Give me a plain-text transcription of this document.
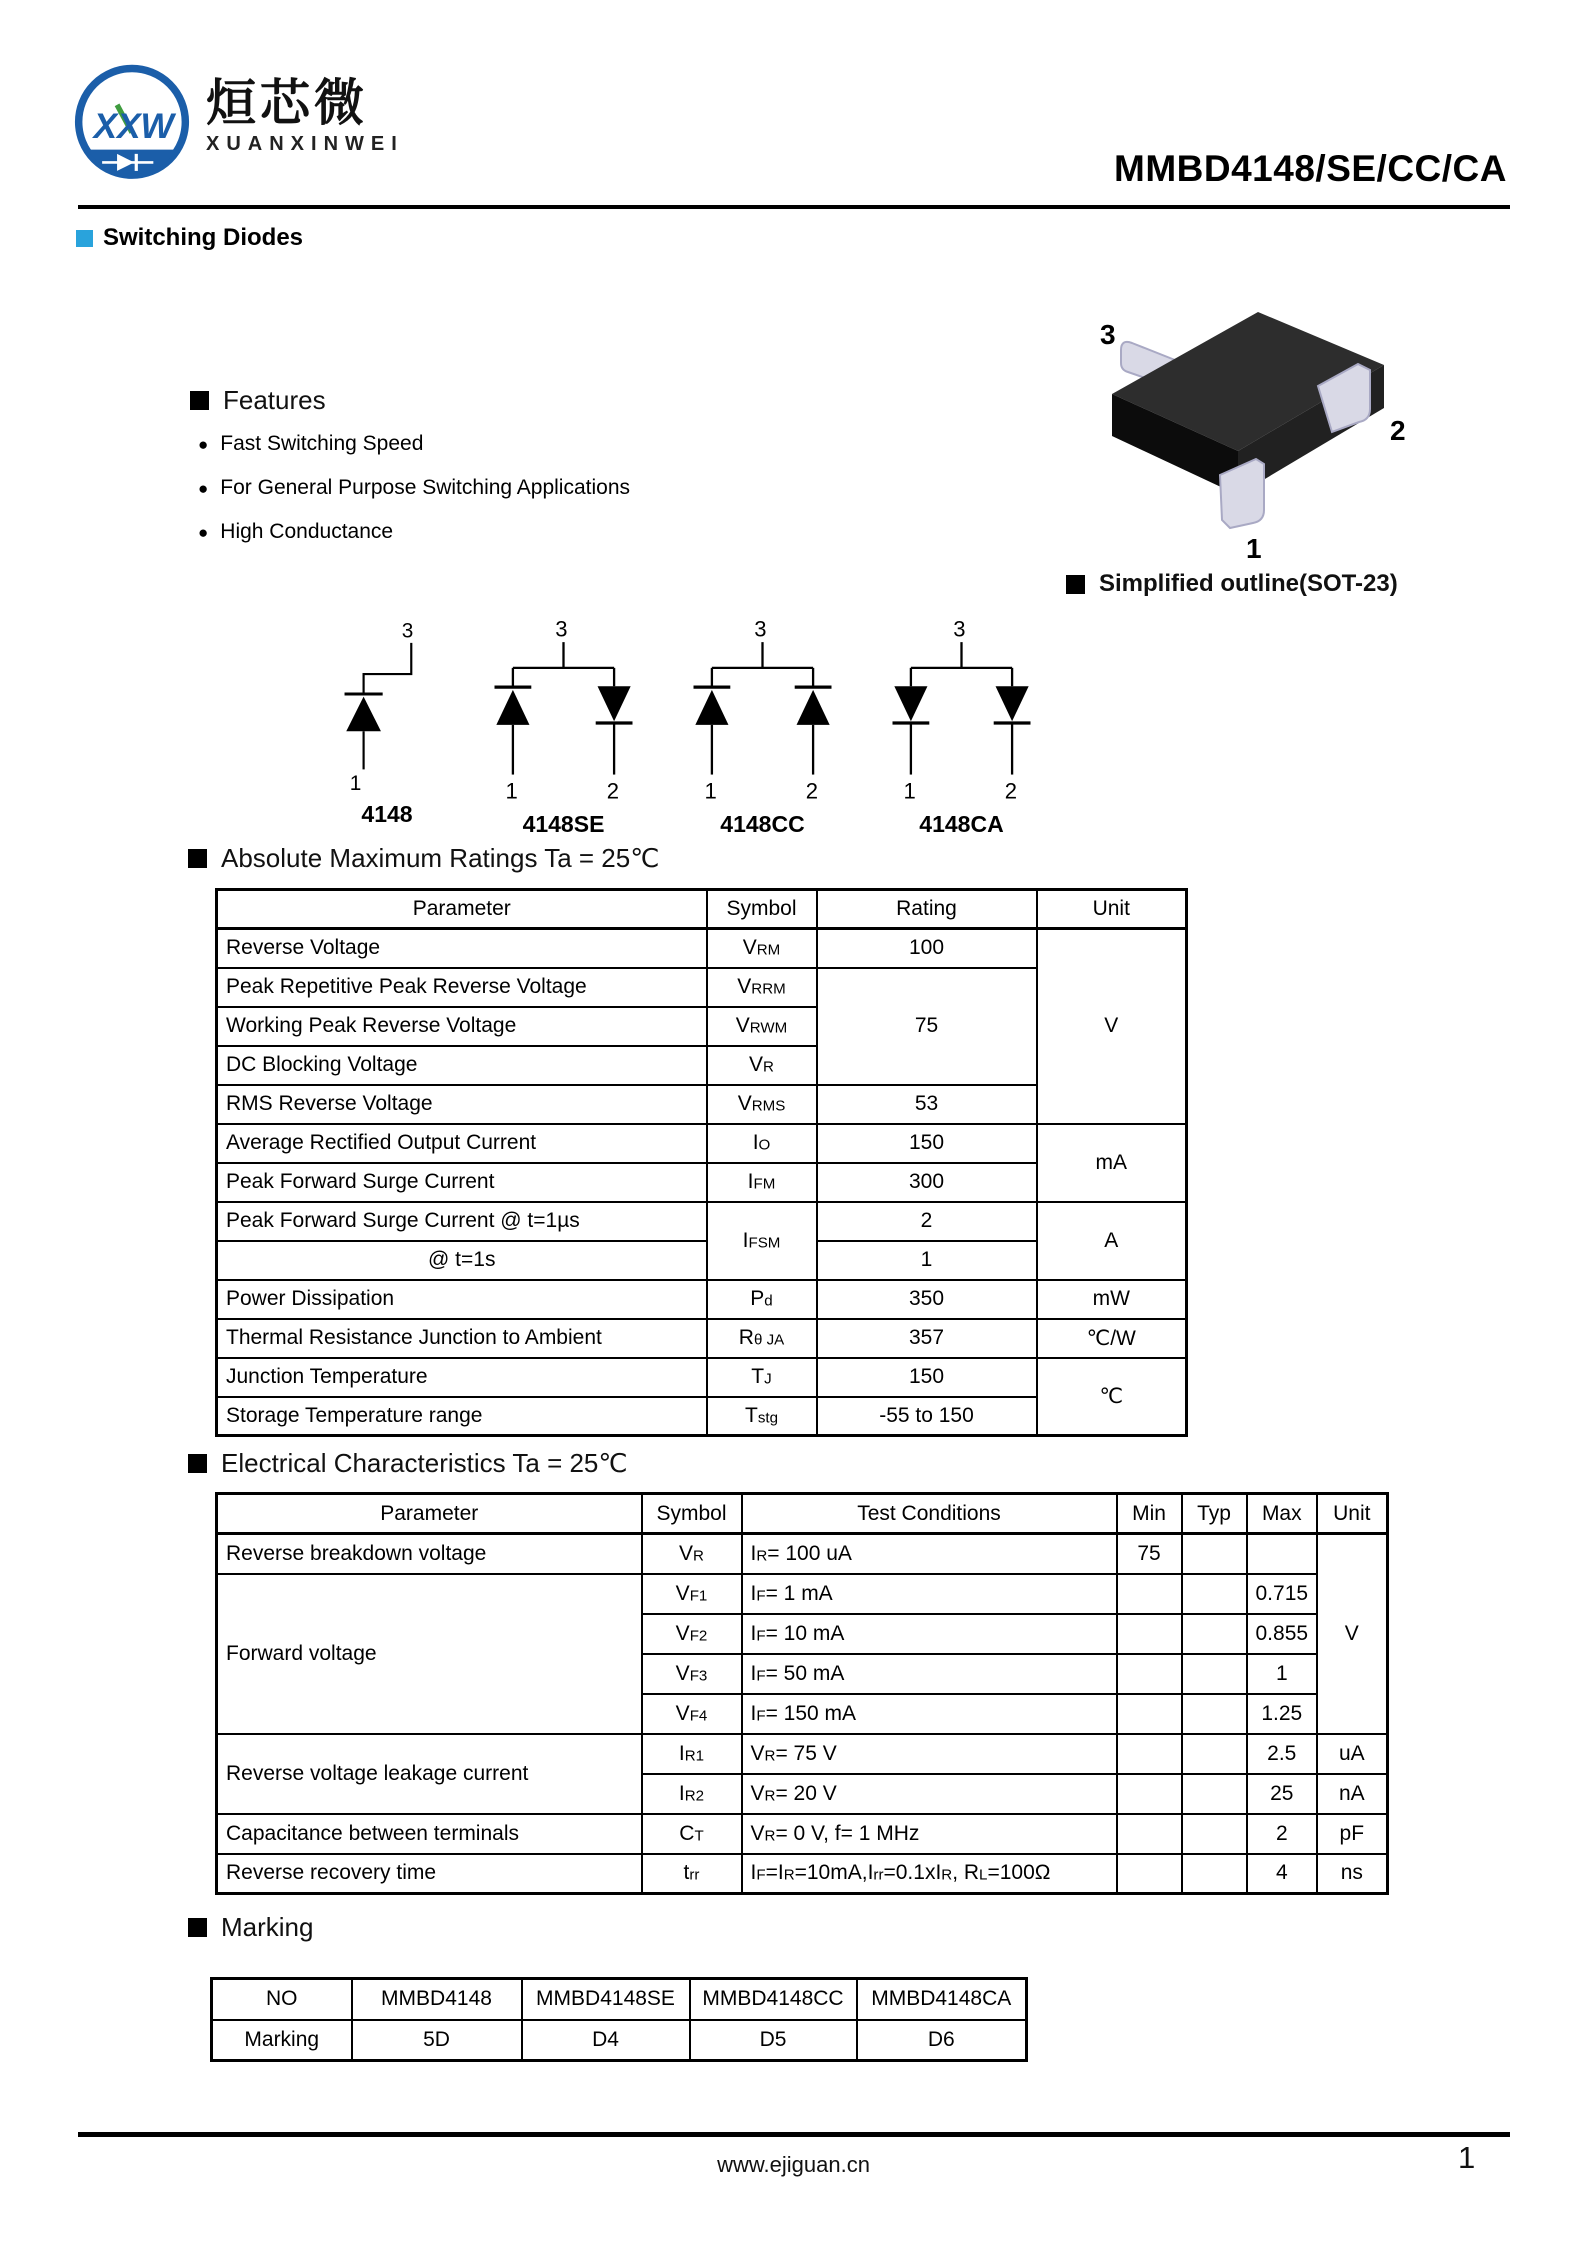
XXW 烜芯微
XUANXINWEI
MMBD4148/SE/CC/CA
Switching Diodes
Features
● Fast Switching Speed
● For General Purpose Switching Applications
● High Conductance
3
2
1
Simplified outline(SOT-23)
3
1
4148
3
1	2
4148SE
3
1	2
4148CC
3
1	2
4148CA
Absolute Maximum Ratings Ta = 25℃
Parameter	Symbol	Rating	Unit
Reverse Voltage	VRM	100	V
Peak Repetitive Peak Reverse Voltage	VRRM	75	
Working Peak Reverse Voltage	VRWM		
DC Blocking Voltage	VR		
RMS Reverse Voltage	VRMS	53	
Average Rectified Output Current	IO	150	mA
Peak Forward Surge Current	IFM	300	
Peak Forward Surge Current @ t=1µs	IFSM	2	A
@ t=1s		1	
Power Dissipation	Pd	350	mW
Thermal Resistance Junction to Ambient	Rθ JA	357	℃/W
Junction Temperature	TJ	150	℃
Storage Temperature range	Tstg	-55 to 150	
Electrical Characteristics Ta = 25℃
Parameter	Symbol	Test Conditions	Min	Typ	Max	Unit
Reverse breakdown voltage	VR	IR= 100 uA	75			V
Forward voltage	VF1	IF= 1 mA			0.715	
	VF2	IF= 10 mA			0.855	
	VF3	IF= 50 mA			1	
	VF4	IF= 150 mA			1.25	
Reverse voltage leakage current	IR1	VR= 75 V			2.5	uA
	IR2	VR= 20 V			25	nA
Capacitance between terminals	CT	VR= 0 V, f= 1 MHz			2	pF
Reverse recovery time	trr	IF=IR=10mA,Irr=0.1xIR, RL=100Ω			4	ns
Marking
NO	MMBD4148	MMBD4148SE	MMBD4148CC	MMBD4148CA
Marking	5D	D4	D5	D6
www.ejiguan.cn	1
